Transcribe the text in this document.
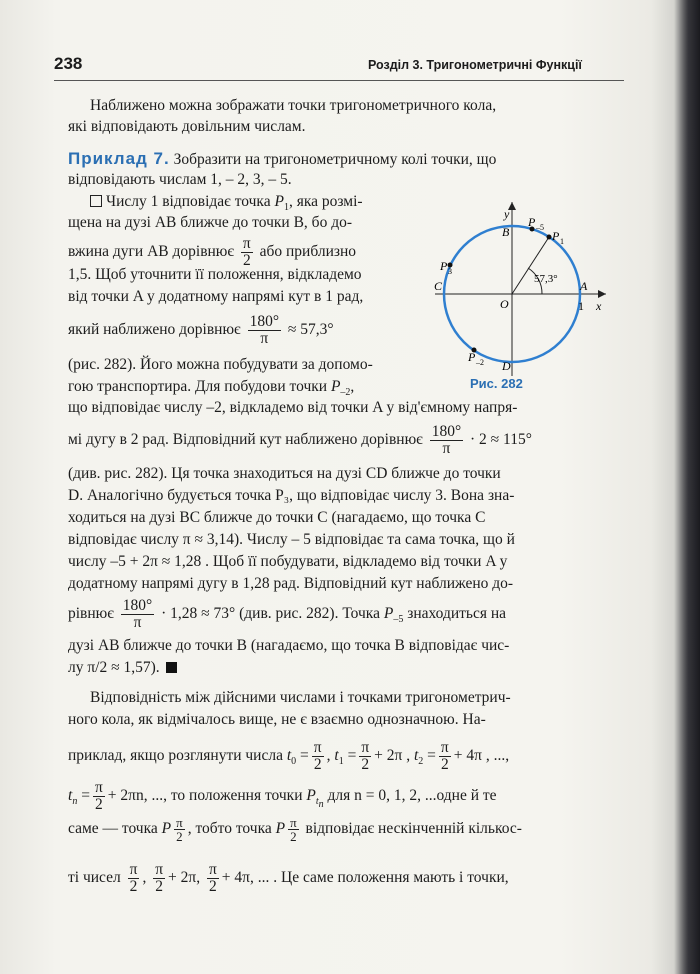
238	Розділ 3. Тригонометричні Функції
Наближено можна зображати точки тригонометричного кола,
які відповідають довільним числам.
Приклад 7. Зобразити на тригонометричному колі точки, що
відповідають числам 1, – 2, 3, – 5.
Числу 1 відповідає точка $P_1$, яка розмі-
щена на дузі AB ближче до точки B, бо до-
вжина дуги AB дорівнює $\frac{\pi}{2}$ або приблизно
1,5. Щоб уточнити її положення, відкладемо
від точки A у додатному напрямі кут в 1 рад,
який наближено дорівнює $\frac{180^\circ}{\pi} \approx 57,3^\circ$
(рис. 282). Його можна побудувати за допомо-
гою транспортира. Для побудови точки $P_{-2}$,
що відповідає числу –2, відкладемо від точки A у від'ємному напря-
мі дугу в 2 рад. Відповідний кут наближено дорівнює $\frac{180^\circ}{\pi} \cdot 2 \approx 115^\circ$
(див. рис. 282). Ця точка знаходиться на дузі CD ближче до точки
D. Аналогічно будується точка P₃, що відповідає числу 3. Вона зна-
ходиться на дузі BC ближче до точки C (нагадаємо, що точка C
відповідає числу π ≈ 3,14). Числу – 5 відповідає та сама точка, що й
числу –5 + 2π ≈ 1,28 . Щоб її побудувати, відкладемо від точки A у
додатному напрямі дугу в 1,28 рад. Відповідний кут наближено до-
рівнює $\frac{180^\circ}{\pi} \cdot 1,28 \approx 73^\circ$ (див. рис. 282). Точка $P_{-5}$ знаходиться на
дузі AB ближче до точки B (нагадаємо, що точка B відповідає чис-
лу π/2 ≈ 1,57).
Відповідність між дійсними числами і точками тригонометрич-
ного кола, як відмічалось вище, не є взаємно однозначною. На-
приклад, якщо розглянути числа $t_0 = \frac{\pi}{2}$ , $t_1 = \frac{\pi}{2} + 2\pi$ , $t_2 = \frac{\pi}{2} + 4\pi$ , ...,
$t_n = \frac{\pi}{2} + 2\pi n$, ..., то положення точки $P_{t_n}$ для n = 0, 1, 2, ...одне й те
саме — точка P $\frac{\pi}{2}$ , тобто точка P $\frac{\pi}{2}$ відповідає нескінченній кількос-
ті чисел $\frac{\pi}{2}$ , $\frac{\pi}{2} + 2\pi$, $\frac{\pi}{2} + 4\pi$, ... . Це саме положення мають і точки,
y
x
O
A
B
C
D
1
57,3°
P 1
P –5
P 3
P –2
Рис. 282
